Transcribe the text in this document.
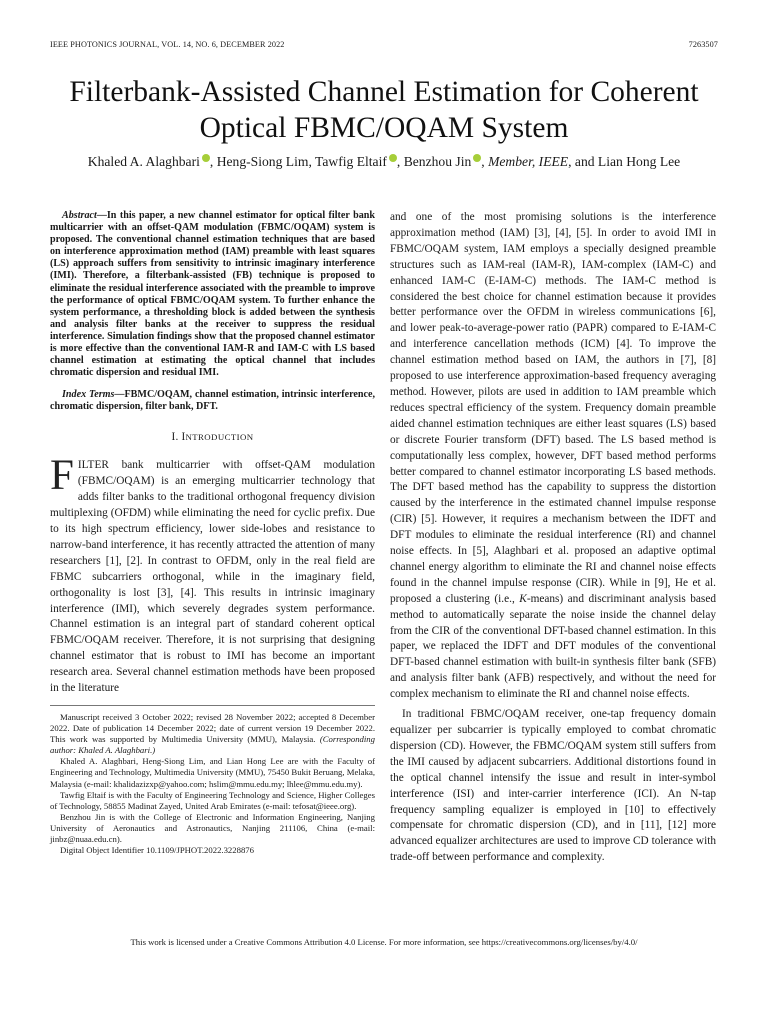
IEEE PHOTONICS JOURNAL, VOL. 14, NO. 6, DECEMBER 2022	7263507
Filterbank-Assisted Channel Estimation for Coherent Optical FBMC/OQAM System
Khaled A. Alaghbari , Heng-Siong Lim, Tawfig Eltaif , Benzhou Jin , Member, IEEE, and Lian Hong Lee

Abstract—In this paper, a new channel estimator for optical filter bank multicarrier with an offset-QAM modulation (FBMC/OQAM) system is proposed. The conventional channel estimation techniques that are based on interference approximation method (IAM) preamble with least squares (LS) approach suffers from sensitivity to intrinsic imaginary interference (IMI). Therefore, a filterbank-assisted (FB) technique is proposed to eliminate the residual interference associated with the preamble to improve the performance of optical FBMC/OQAM system. To further enhance the system performance, a thresholding block is added between the synthesis and analysis filter banks at the receiver to suppress the residual interference. Simulation findings show that the proposed channel estimator is more effective than the conventional IAM-R and IAM-C with LS based channel estimation at estimating the optical channel that includes chromatic dispersion and residual IMI.

Index Terms—FBMC/OQAM, channel estimation, intrinsic interference, chromatic dispersion, filter bank, DFT.

I. INTRODUCTION

FILTER bank multicarrier with offset-QAM modulation (FBMC/OQAM) is an emerging multicarrier technology that adds filter banks to the traditional orthogonal frequency division multiplexing (OFDM) while eliminating the need for cyclic prefix. Due to its high spectrum efficiency, lower side-lobes and resistance to narrow-band interference, it has recently attracted the attention of many researchers [1], [2]. In contrast to OFDM, only in the real field are FBMC subcarriers orthogonal, while in the imaginary field, orthogonality is lost [3], [4]. This results in intrinsic imaginary interference (IMI), which severely degrades system performance. Channel estimation is an integral part of standard coherent optical FBMC/OQAM receiver. Therefore, it is not surprising that designing channel estimator that is robust to IMI has become an important research area. Several channel estimation methods have been proposed in the literature

Manuscript received 3 October 2022; revised 28 November 2022; accepted 8 December 2022. Date of publication 14 December 2022; date of current version 19 December 2022. This work was supported by Multimedia University (MMU), Malaysia. (Corresponding author: Khaled A. Alaghbari.)

Khaled A. Alaghbari, Heng-Siong Lim, and Lian Hong Lee are with the Faculty of Engineering and Technology, Multimedia University (MMU), 75450 Bukit Beruang, Melaka, Malaysia (e-mail: khalidazizxp@yahoo.com; hslim@mmu.edu.my; lhlee@mmu.edu.my).

Tawfig Eltaif is with the Faculty of Engineering Technology and Science, Higher Colleges of Technology, 58855 Madinat Zayed, United Arab Emirates (e-mail: tefosat@ieee.org).

Benzhou Jin is with the College of Electronic and Information Engineering, Nanjing University of Aeronautics and Astronautics, Nanjing 211106, China (e-mail: jinbz@nuaa.edu.cn).

Digital Object Identifier 10.1109/JPHOT.2022.3228876

and one of the most promising solutions is the interference approximation method (IAM) [3], [4], [5]. In order to avoid IMI in FBMC/OQAM system, IAM employs a specially designed preamble structures such as IAM-real (IAM-R), IAM-complex (IAM-C) and enhanced IAM-C (E-IAM-C) methods. The IAM-C method is considered the best choice for channel estimation because it provides better performance over the OFDM in wireless communications [6], and lower peak-to-average-power ratio (PAPR) compared to E-IAM-C and interference cancellation methods (ICM) [4]. To improve the channel estimation method based on IAM, the authors in [7], [8] proposed to use interference approximation-based frequency averaging method. However, pilots are used in addition to IAM preamble which reduces spectral efficiency of the system. Frequency domain preamble aided channel estimation techniques are either least squares (LS) based or discrete Fourier transform (DFT) based. The LS based method is computationally less complex, however, DFT based method performs better compared to channel estimator incorporating LS based methods. The DFT based method has the capability to suppress the distortion caused by the interference in the estimated channel impulse response (CIR) [5]. However, it requires a mechanism between the IDFT and DFT modules to eliminate the residual interference (RI) and channel noise effects. In [5], Alaghbari et al. proposed an adaptive optimal channel energy algorithm to eliminate the RI and channel noise effects found in the channel impulse response (CIR). While in [9], He et al. proposed a clustering (i.e., K-means) and discriminant analysis based method to automatically separate the noise inside the channel delay from the CIR of the conventional DFT-based channel estimation. In this paper, we replaced the IDFT and DFT modules of the conventional DFT-based channel estimation with built-in synthesis filter bank (SFB) and analysis filter bank (AFB) respectively, and without the need for complex mechanism to eliminate the RI and channel noise effects.

In traditional FBMC/OQAM receiver, one-tap frequency domain equalizer per subcarrier is typically employed to combat chromatic dispersion (CD). However, the FBMC/OQAM system still suffers from the IMI caused by adjacent subcarriers. Additional distortions found in the optical channel intensify the issue and result in inter-symbol interference (ISI) and inter-carrier interference (ICI). An N-tap frequency sampling equalizer is employed in [10] to effectively compensate for chromatic dispersion (CD), and in [11], [12] more advanced equalizer architectures are used to improve CD tolerance with trade-off between performance and complexity.

This work is licensed under a Creative Commons Attribution 4.0 License. For more information, see https://creativecommons.org/licenses/by/4.0/
